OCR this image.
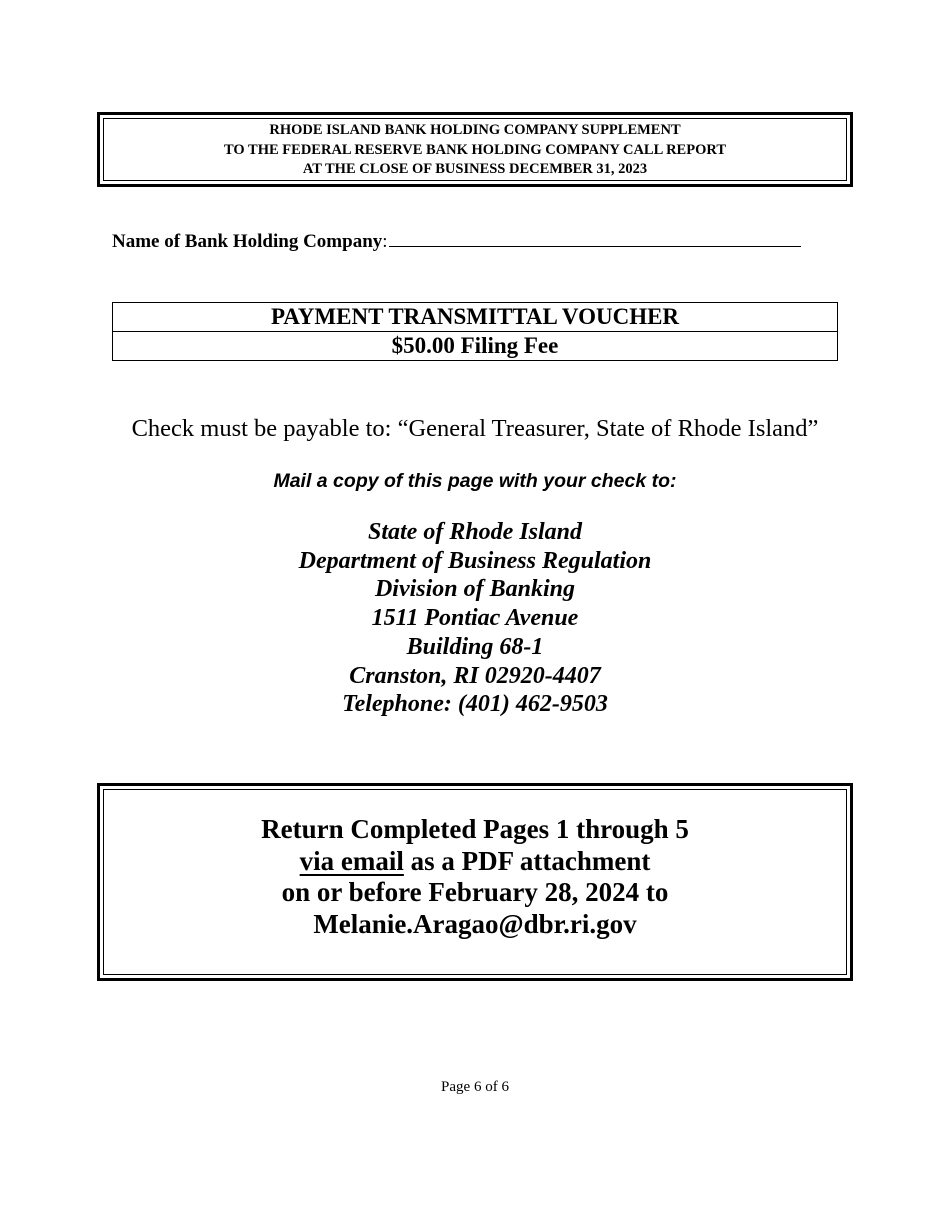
RHODE ISLAND BANK HOLDING COMPANY SUPPLEMENT
TO THE FEDERAL RESERVE BANK HOLDING COMPANY CALL REPORT
AT THE CLOSE OF BUSINESS DECEMBER 31, 2023
Name of Bank Holding Company:
PAYMENT TRANSMITTAL VOUCHER
$50.00 Filing Fee
Check must be payable to: “General Treasurer, State of Rhode Island”
Mail a copy of this page with your check to:
State of Rhode Island
Department of Business Regulation
Division of Banking
1511 Pontiac Avenue
Building 68-1
Cranston, RI 02920-4407
Telephone: (401) 462-9503
Return Completed Pages 1 through 5
via email as a PDF attachment
on or before February 28, 2024 to
Melanie.Aragao@dbr.ri.gov
Page 6 of 6
